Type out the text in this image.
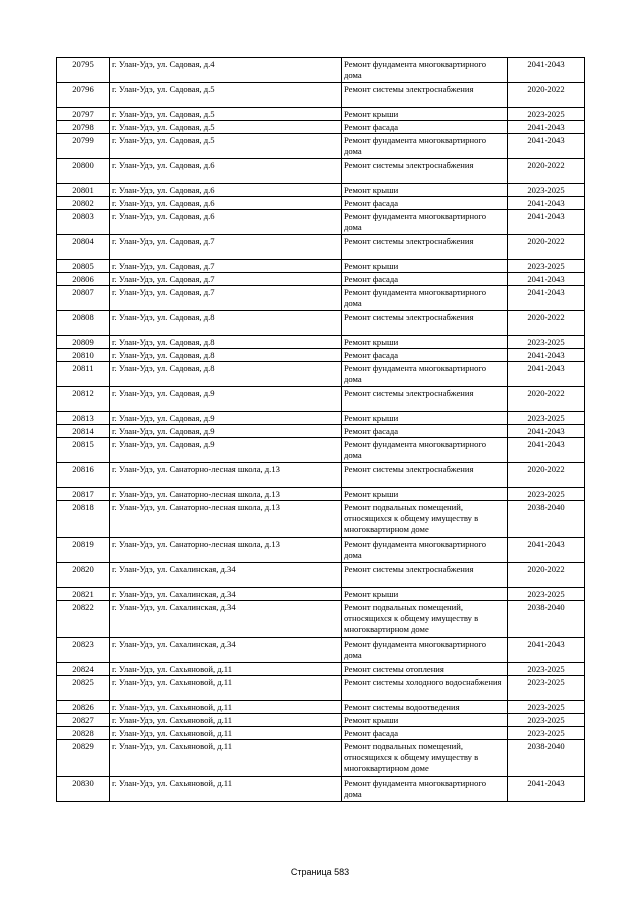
20795	г. Улан-Удэ, ул. Садовая, д.4	Ремонт фундамента многоквартирного дома	2041-2043
20796	г. Улан-Удэ, ул. Садовая, д.5	Ремонт системы электроснабжения	2020-2022
20797	г. Улан-Удэ, ул. Садовая, д.5	Ремонт крыши	2023-2025
20798	г. Улан-Удэ, ул. Садовая, д.5	Ремонт фасада	2041-2043
20799	г. Улан-Удэ, ул. Садовая, д.5	Ремонт фундамента многоквартирного дома	2041-2043
20800	г. Улан-Удэ, ул. Садовая, д.6	Ремонт системы электроснабжения	2020-2022
20801	г. Улан-Удэ, ул. Садовая, д.6	Ремонт крыши	2023-2025
20802	г. Улан-Удэ, ул. Садовая, д.6	Ремонт фасада	2041-2043
20803	г. Улан-Удэ, ул. Садовая, д.6	Ремонт фундамента многоквартирного дома	2041-2043
20804	г. Улан-Удэ, ул. Садовая, д.7	Ремонт системы электроснабжения	2020-2022
20805	г. Улан-Удэ, ул. Садовая, д.7	Ремонт крыши	2023-2025
20806	г. Улан-Удэ, ул. Садовая, д.7	Ремонт фасада	2041-2043
20807	г. Улан-Удэ, ул. Садовая, д.7	Ремонт фундамента многоквартирного дома	2041-2043
20808	г. Улан-Удэ, ул. Садовая, д.8	Ремонт системы электроснабжения	2020-2022
20809	г. Улан-Удэ, ул. Садовая, д.8	Ремонт крыши	2023-2025
20810	г. Улан-Удэ, ул. Садовая, д.8	Ремонт фасада	2041-2043
20811	г. Улан-Удэ, ул. Садовая, д.8	Ремонт фундамента многоквартирного дома	2041-2043
20812	г. Улан-Удэ, ул. Садовая, д.9	Ремонт системы электроснабжения	2020-2022
20813	г. Улан-Удэ, ул. Садовая, д.9	Ремонт крыши	2023-2025
20814	г. Улан-Удэ, ул. Садовая, д.9	Ремонт фасада	2041-2043
20815	г. Улан-Удэ, ул. Садовая, д.9	Ремонт фундамента многоквартирного дома	2041-2043
20816	г. Улан-Удэ, ул. Санаторно-лесная школа, д.13	Ремонт системы электроснабжения	2020-2022
20817	г. Улан-Удэ, ул. Санаторно-лесная школа, д.13	Ремонт крыши	2023-2025
20818	г. Улан-Удэ, ул. Санаторно-лесная школа, д.13	Ремонт подвальных помещений, относящихся к общему имуществу в многоквартирном доме	2038-2040
20819	г. Улан-Удэ, ул. Санаторно-лесная школа, д.13	Ремонт фундамента многоквартирного дома	2041-2043
20820	г. Улан-Удэ, ул. Сахалинская, д.34	Ремонт системы электроснабжения	2020-2022
20821	г. Улан-Удэ, ул. Сахалинская, д.34	Ремонт крыши	2023-2025
20822	г. Улан-Удэ, ул. Сахалинская, д.34	Ремонт подвальных помещений, относящихся к общему имуществу в многоквартирном доме	2038-2040
20823	г. Улан-Удэ, ул. Сахалинская, д.34	Ремонт фундамента многоквартирного дома	2041-2043
20824	г. Улан-Удэ, ул. Сахьяновой, д.11	Ремонт системы отопления	2023-2025
20825	г. Улан-Удэ, ул. Сахьяновой, д.11	Ремонт системы холодного водоснабжения	2023-2025
20826	г. Улан-Удэ, ул. Сахьяновой, д.11	Ремонт системы водоотведения	2023-2025
20827	г. Улан-Удэ, ул. Сахьяновой, д.11	Ремонт крыши	2023-2025
20828	г. Улан-Удэ, ул. Сахьяновой, д.11	Ремонт фасада	2023-2025
20829	г. Улан-Удэ, ул. Сахьяновой, д.11	Ремонт подвальных помещений, относящихся к общему имуществу в многоквартирном доме	2038-2040
20830	г. Улан-Удэ, ул. Сахьяновой, д.11	Ремонт фундамента многоквартирного дома	2041-2043
Страница 583
